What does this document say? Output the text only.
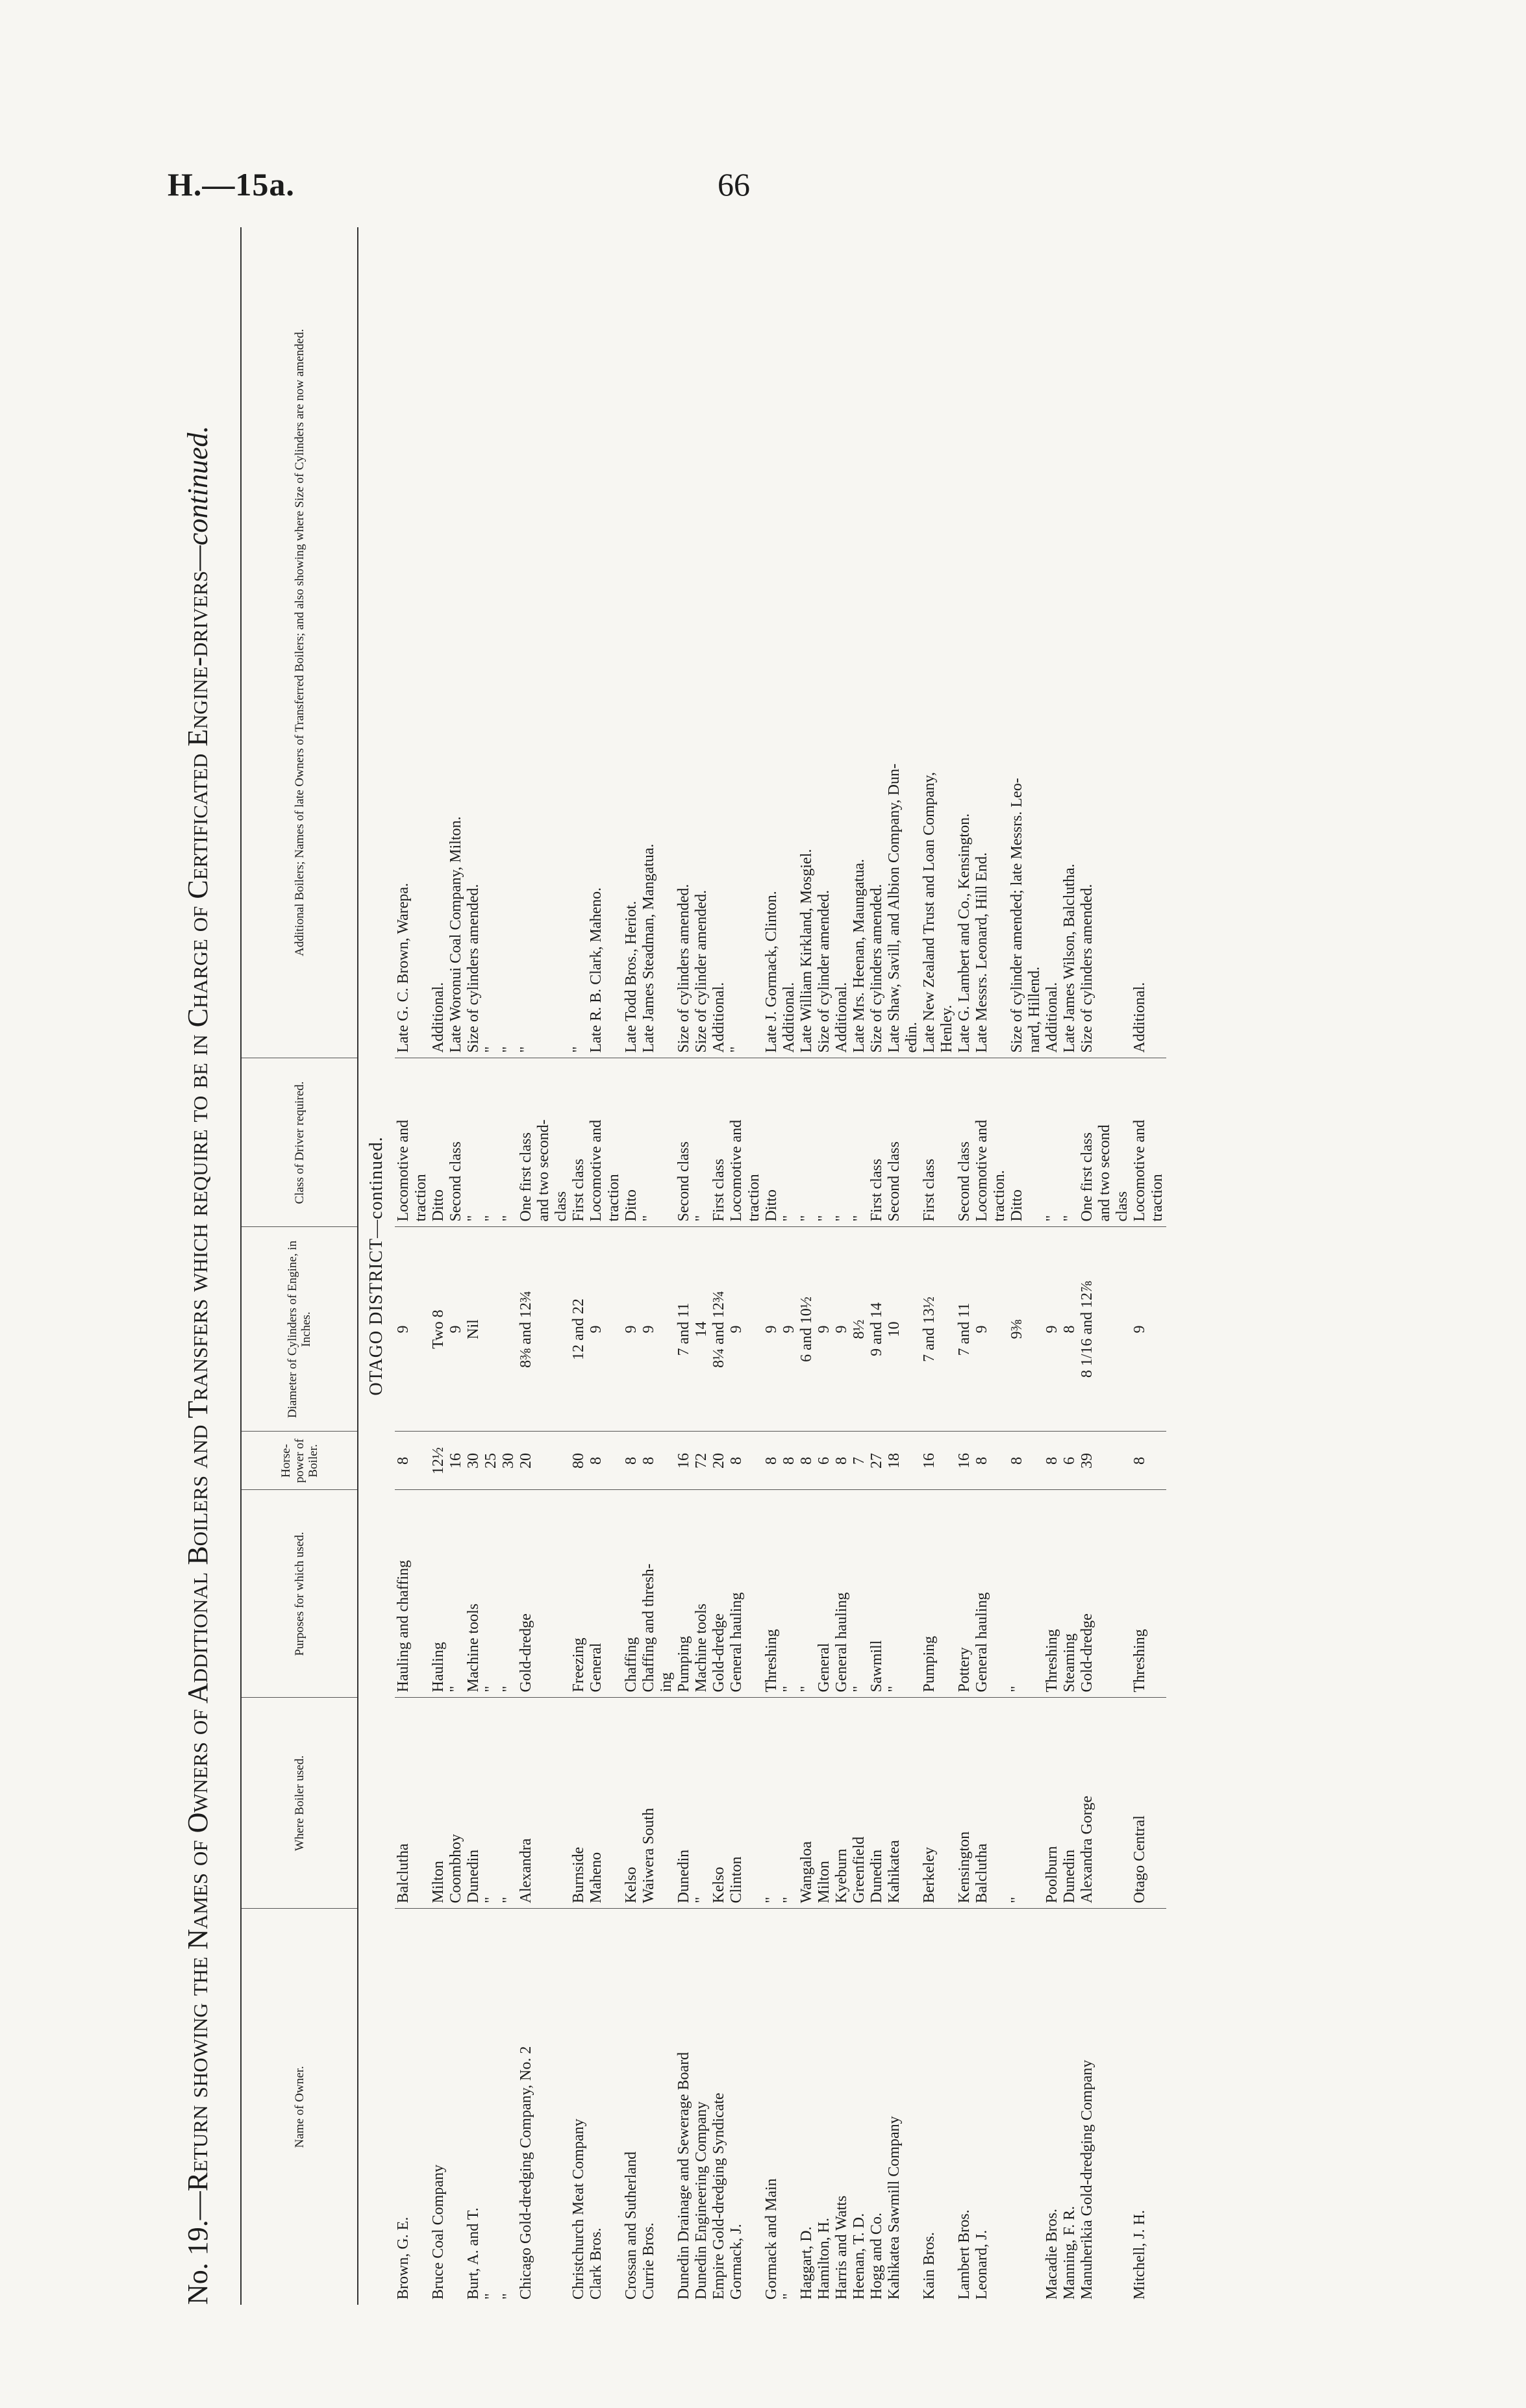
H.—15a.	66
No. 19.—Return showing the Names of Owners of Additional Boilers and Transfers which require to be in Charge of Certificated Engine-drivers—continued.
Name of Owner.	Where Boiler used.	Purposes for which used.	Horse-power of Boiler.	Diameter of Cylinders of Engine, in Inches.	Class of Driver required.	Additional Boilers; Names of late Owners of Transferred Boilers; and also showing where Size of Cylinders are now amended.
OTAGO DISTRICT—continued.						
Brown, G. E.	Balclutha	Hauling and chaffing	8	9	Locomotive and	Late G. C. Brown, Warepa.
					traction	
Bruce Coal Company	Milton	Hauling	12½	Two 8	Ditto	Additional.
	Coombhoy	"	16	9	Second class	Late Woronui Coal Company, Milton.
Burt, A. and T.	Dunedin	Machine tools	30	Nil	"	Size of cylinders amended.
"	"	"	25		"	"
"	"	"	30		"	"
Chicago Gold-dredging Company, No. 2	Alexandra	Gold-dredge	20	8⅜ and 12¾	One first class	"
					and two second-	
					class	
Christchurch Meat Company	Burnside	Freezing	80	12 and 22	First class	"
Clark Bros.	Maheno	General	8	9	Locomotive and	Late R. B. Clark, Maheno.
					traction	
Crossan and Sutherland	Kelso	Chaffing	8	9	Ditto	Late Todd Bros., Heriot.
Currie Bros.	Waiwera South	Chaffing and thresh-	8	9	"	Late James Steadman, Mangatua.
		ing				
Dunedin Drainage and Sewerage Board	Dunedin	Pumping	16	7 and 11	Second class	Size of cylinders amended.
Dunedin Engineering Company	"	Machine tools	72	14	"	Size of cylinder amended.
Empire Gold-dredging Syndicate	Kelso	Gold-dredge	20	8¼ and 12¾	First class	Additional.
Gormack, J.	Clinton	General hauling	8	9	Locomotive and	"
					traction	
Gormack and Main	"	Threshing	8	9	Ditto	Late J. Gormack, Clinton.
"	"	"	8	9	"	Additional.
Haggart, D.	Wangaloa	"	8	6 and 10½	"	Late William Kirkland, Mosgiel.
Hamilton, H.	Milton	General	6	9	"	Size of cylinder amended.
Harris and Watts	Kyeburn	General hauling	8	9	"	Additional.
Heenan, T. D.	Greenfield	"	7	8½	"	Late Mrs. Heenan, Maungatua.
Hogg and Co.	Dunedin	Sawmill	27	9 and 14	First class	Size of cylinders amended.
Kahikatea Sawmill Company	Kahikatea	"	18	10	Second class	Late Shaw, Savill, and Albion Company, Dun-
						edin.
Kain Bros.	Berkeley	Pumping	16	7 and 13½	First class	Late New Zealand Trust and Loan Company,
						Henley.
Lambert Bros.	Kensington	Pottery	16	7 and 11	Second class	Late G. Lambert and Co., Kensington.
Leonard, J.	Balclutha	General hauling	8	9	Locomotive and	Late Messrs. Leonard, Hill End.
					traction.	
	"	"	8	9⅜	Ditto	Size of cylinder amended; late Messrs. Leo-
						nard, Hillend.
Macadie Bros.	Poolburn	Threshing	8	9	"	Additional.
Manning, F. R.	Dunedin	Steaming	6	8	"	Late James Wilson, Balclutha.
Manuherikia Gold-dredging Company	Alexandra Gorge	Gold-dredge	39	8 1/16 and 12⅞	One first class	Size of cylinders amended.
					and two second	
					class	
Mitchell, J. H.	Otago Central	Threshing	8	9	Locomotive and	Additional.
					traction	
